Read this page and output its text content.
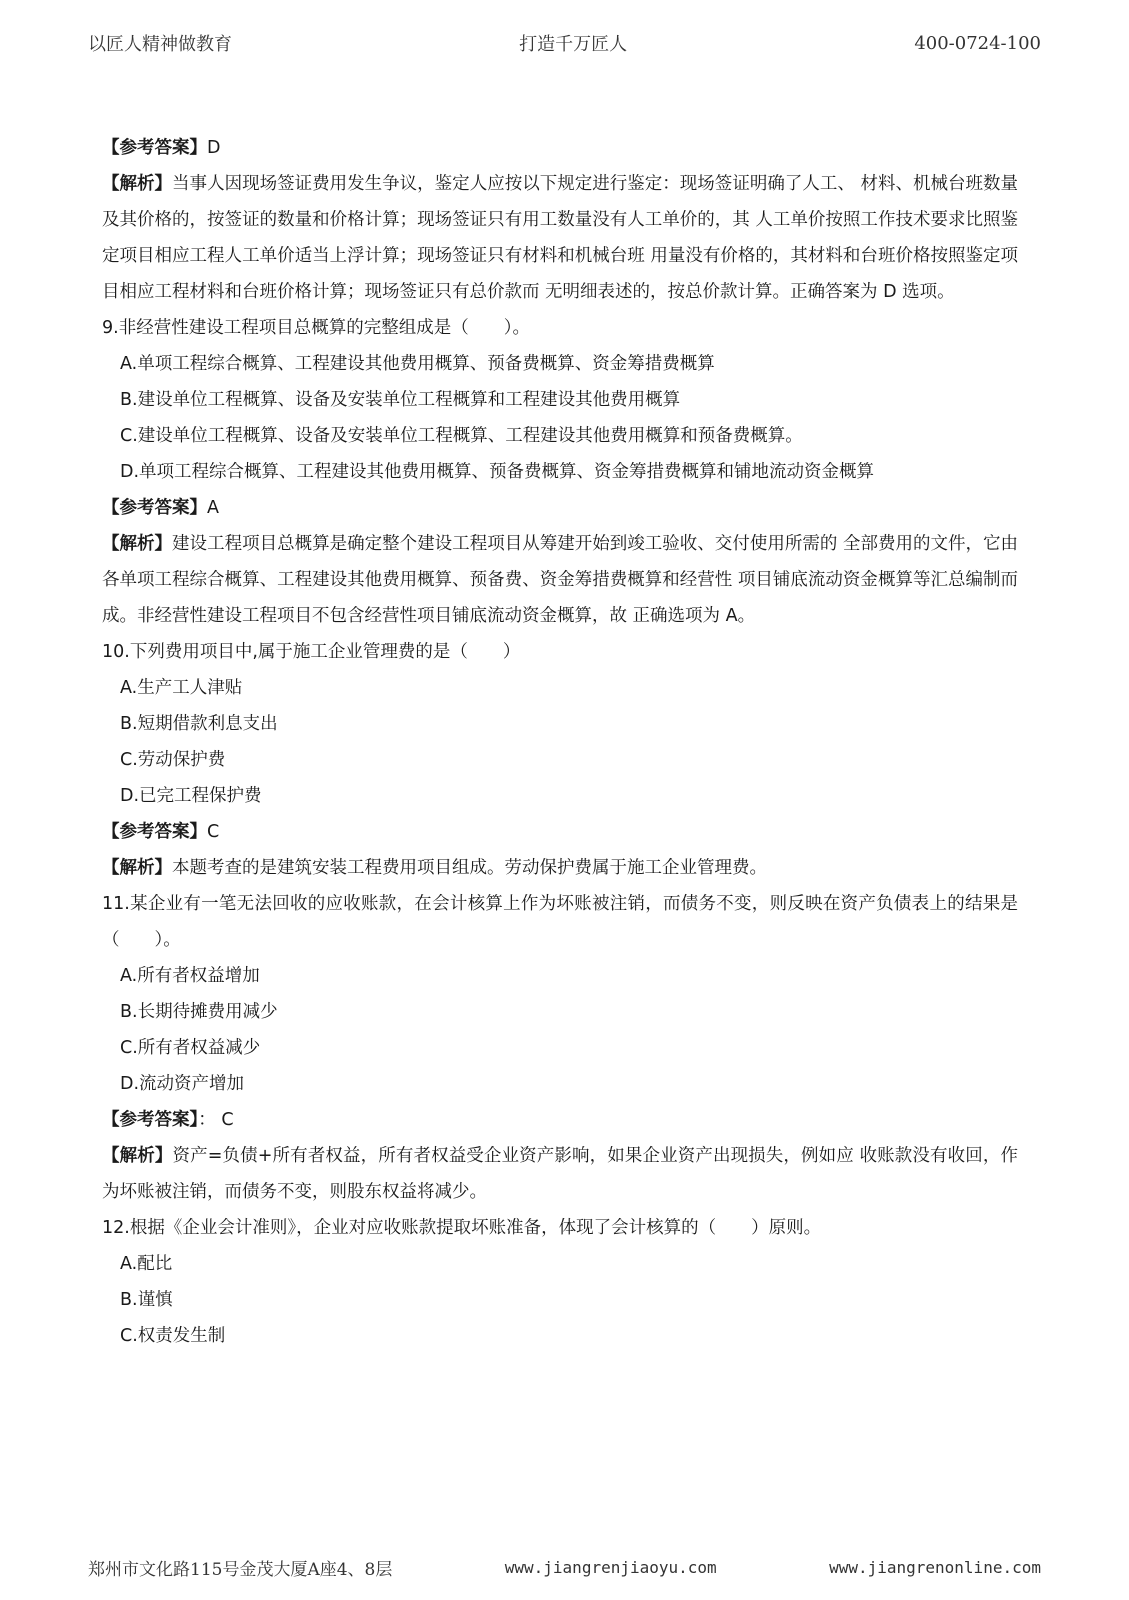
以匠人精神做教育	打造千万匠人	400-0724-100

【参考答案】D

【解析】当事人因现场签证费用发生争议，鉴定人应按以下规定进行鉴定：现场签证明确了人工、 材料、机械台班数量及其价格的，按签证的数量和价格计算；现场签证只有用工数量没有人工单价的，其 人工单价按照工作技术要求比照鉴定项目相应工程人工单价适当上浮计算；现场签证只有材料和机械台班 用量没有价格的，其材料和台班价格按照鉴定项目相应工程材料和台班价格计算；现场签证只有总价款而 无明细表述的，按总价款计算。正确答案为 D 选项。

9.非经营性建设工程项目总概算的完整组成是（　　）。

A.单项工程综合概算、工程建设其他费用概算、预备费概算、资金筹措费概算

B.建设单位工程概算、设备及安装单位工程概算和工程建设其他费用概算

C.建设单位工程概算、设备及安装单位工程概算、工程建设其他费用概算和预备费概算。

D.单项工程综合概算、工程建设其他费用概算、预备费概算、资金筹措费概算和铺地流动资金概算

【参考答案】A

【解析】建设工程项目总概算是确定整个建设工程项目从筹建开始到竣工验收、交付使用所需的 全部费用的文件，它由各单项工程综合概算、工程建设其他费用概算、预备费、资金筹措费概算和经营性 项目铺底流动资金概算等汇总编制而成。非经营性建设工程项目不包含经营性项目铺底流动资金概算，故 正确选项为 A。

10.下列费用项目中,属于施工企业管理费的是（　　）

A.生产工人津贴

B.短期借款利息支出

C.劳动保护费

D.已完工程保护费

【参考答案】C

【解析】本题考查的是建筑安装工程费用项目组成。劳动保护费属于施工企业管理费。

11.某企业有一笔无法回收的应收账款，在会计核算上作为坏账被注销，而债务不变，则反映在资产负债表上的结果是（　　）。

A.所有者权益增加

B.长期待摊费用减少

C.所有者权益减少

D.流动资产增加

【参考答案】： C

【解析】资产=负债+所有者权益，所有者权益受企业资产影响，如果企业资产出现损失，例如应 收账款没有收回，作为坏账被注销，而债务不变，则股东权益将减少。

12.根据《企业会计准则》，企业对应收账款提取坏账准备，体现了会计核算的（　　）原则。

A.配比

B.谨慎

C.权责发生制

郑州市文化路115号金茂大厦A座4、8层	www.jiangrenjiaoyu.com	www.jiangrenonline.com
